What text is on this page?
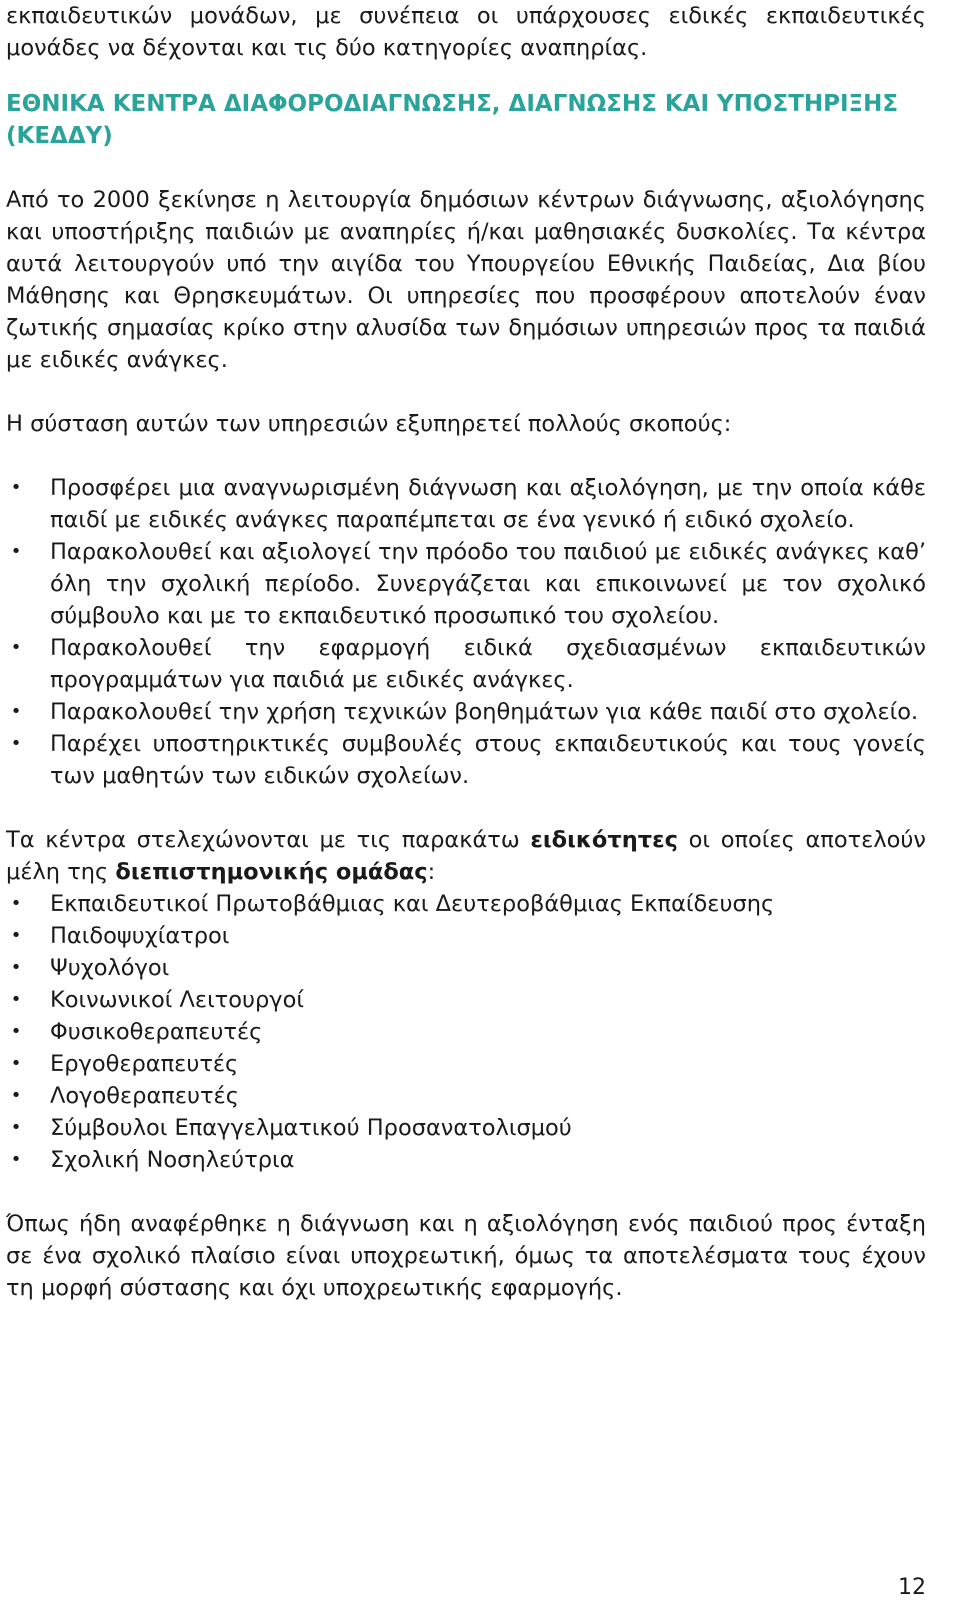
εκπαιδευτικών μονάδων, με συνέπεια οι υπάρχουσες ειδικές εκπαιδευτικές μονάδες να δέχονται και τις δύο κατηγορίες αναπηρίας.

ΕΘΝΙΚΑ ΚΕΝΤΡΑ ΔΙΑΦΟΡΟΔΙΑΓΝΩΣΗΣ, ΔΙΑΓΝΩΣΗΣ ΚΑΙ ΥΠΟΣΤΗΡΙΞΗΣ (ΚΕΔΔΥ)

Από το 2000 ξεκίνησε η λειτουργία δημόσιων κέντρων διάγνωσης, αξιολόγησης και υποστήριξης παιδιών με αναπηρίες ή/και μαθησιακές δυσκολίες. Τα κέντρα αυτά λειτουργούν υπό την αιγίδα του Υπουργείου Εθνικής Παιδείας, Δια βίου Μάθησης και Θρησκευμάτων. Οι υπηρεσίες που προσφέρουν αποτελούν έναν ζωτικής σημασίας κρίκο στην αλυσίδα των δημόσιων υπηρεσιών προς τα παιδιά με ειδικές ανάγκες.

Η σύσταση αυτών των υπηρεσιών εξυπηρετεί πολλούς σκοπούς:

• Προσφέρει μια αναγνωρισμένη διάγνωση και αξιολόγηση, με την οποία κάθε παιδί με ειδικές ανάγκες παραπέμπεται σε ένα γενικό ή ειδικό σχολείο.
• Παρακολουθεί και αξιολογεί την πρόοδο του παιδιού με ειδικές ανάγκες καθ’ όλη την σχολική περίοδο. Συνεργάζεται και επικοινωνεί με τον σχολικό σύμβουλο και με το εκπαιδευτικό προσωπικό του σχολείου.
• Παρακολουθεί την εφαρμογή ειδικά σχεδιασμένων εκπαιδευτικών προγραμμάτων για παιδιά με ειδικές ανάγκες.
• Παρακολουθεί την χρήση τεχνικών βοηθημάτων για κάθε παιδί στο σχολείο.
• Παρέχει υποστηρικτικές συμβουλές στους εκπαιδευτικούς και τους γονείς των μαθητών των ειδικών σχολείων.

Τα κέντρα στελεχώνονται με τις παρακάτω ειδικότητες οι οποίες αποτελούν μέλη της διεπιστημονικής ομάδας:

• Εκπαιδευτικοί Πρωτοβάθμιας και Δευτεροβάθμιας Εκπαίδευσης
• Παιδοψυχίατροι
• Ψυχολόγοι
• Κοινωνικοί Λειτουργοί
• Φυσικοθεραπευτές
• Εργοθεραπευτές
• Λογοθεραπευτές
• Σύμβουλοι Επαγγελματικού Προσανατολισμού
• Σχολική Νοσηλεύτρια

Όπως ήδη αναφέρθηκε η διάγνωση και η αξιολόγηση ενός παιδιού προς ένταξη σε ένα σχολικό πλαίσιο είναι υποχρεωτική, όμως τα αποτελέσματα τους έχουν τη μορφή σύστασης και όχι υποχρεωτικής εφαρμογής.

12
